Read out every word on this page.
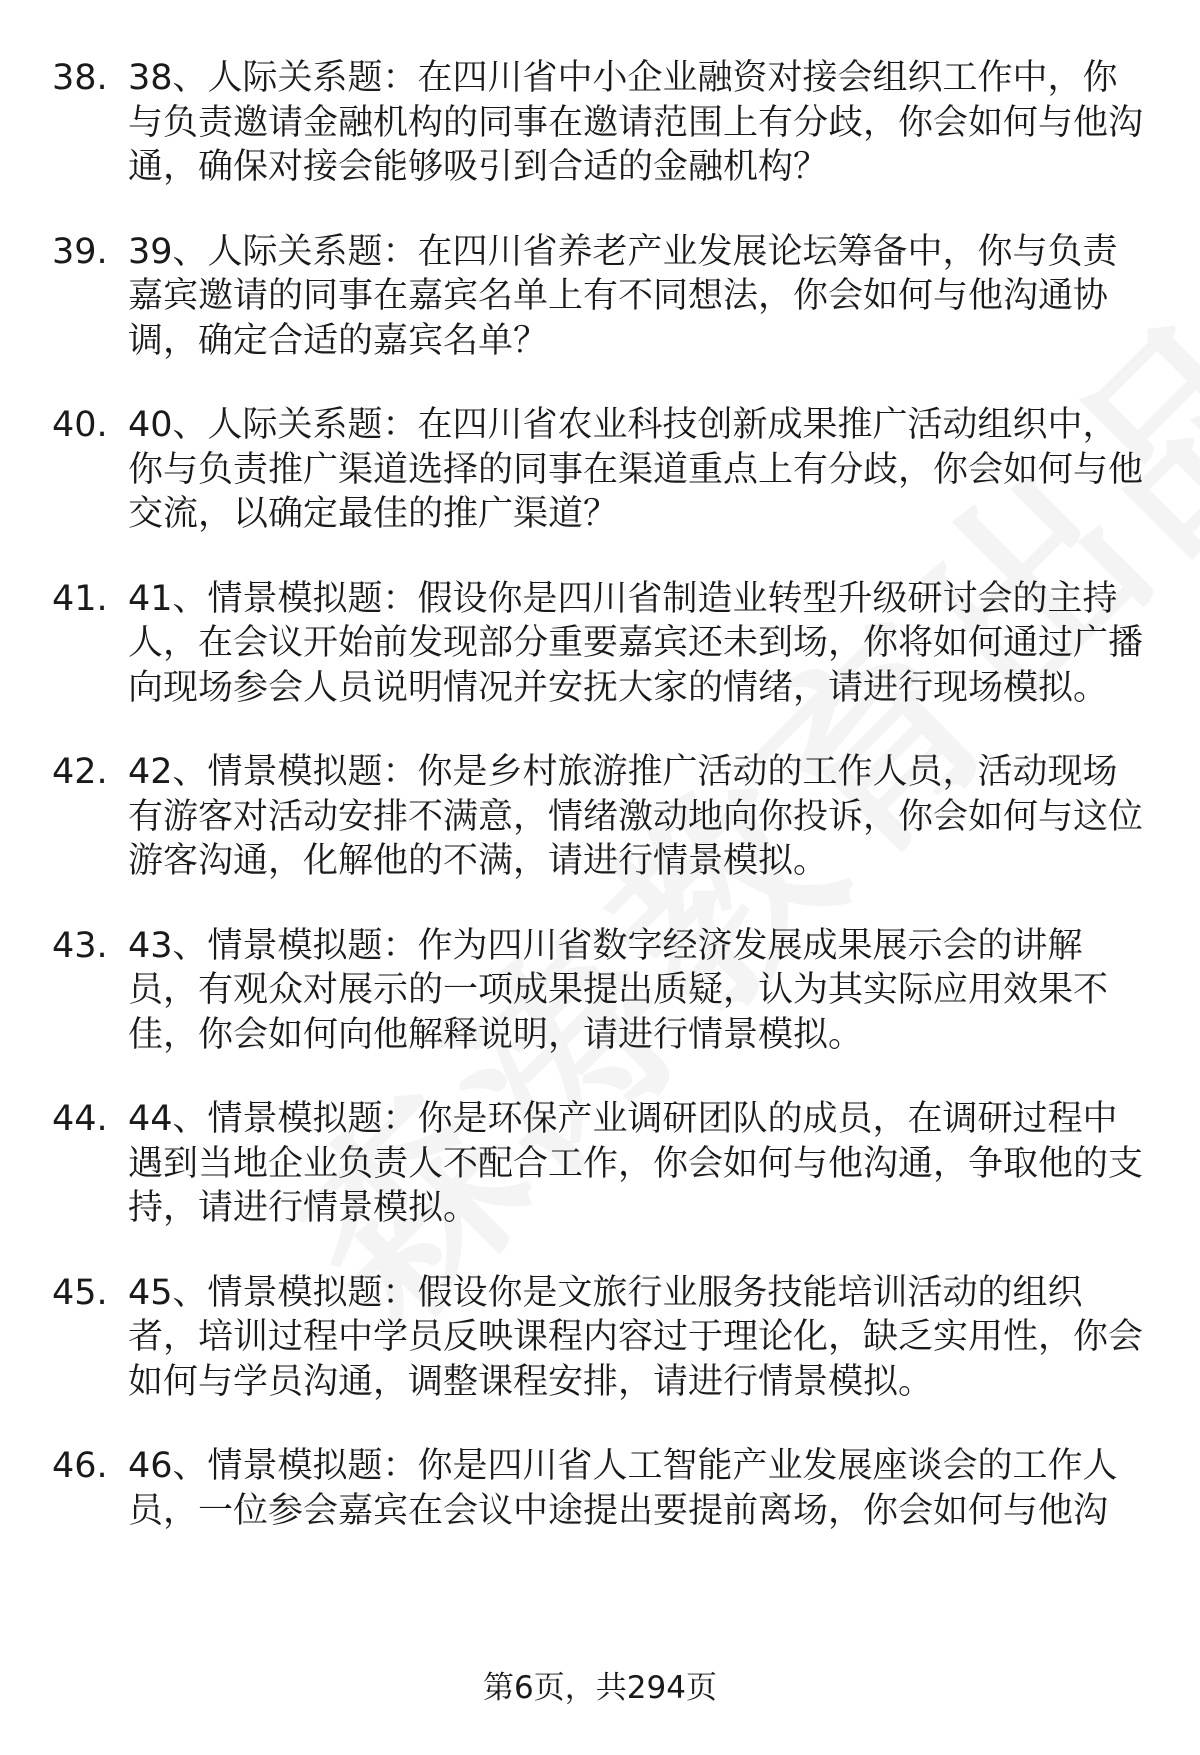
38. 38、人际关系题：在四川省中小企业融资对接会组织工作中，你与负责邀请金融机构的同事在邀请范围上有分歧，你会如何与他沟通，确保对接会能够吸引到合适的金融机构？
39. 39、人际关系题：在四川省养老产业发展论坛筹备中，你与负责嘉宾邀请的同事在嘉宾名单上有不同想法，你会如何与他沟通协调，确定合适的嘉宾名单？
40. 40、人际关系题：在四川省农业科技创新成果推广活动组织中，你与负责推广渠道选择的同事在渠道重点上有分歧，你会如何与他交流，以确定最佳的推广渠道？
41. 41、情景模拟题：假设你是四川省制造业转型升级研讨会的主持人，在会议开始前发现部分重要嘉宾还未到场，你将如何通过广播向现场参会人员说明情况并安抚大家的情绪，请进行现场模拟。
42. 42、情景模拟题：你是乡村旅游推广活动的工作人员，活动现场有游客对活动安排不满意，情绪激动地向你投诉，你会如何与这位游客沟通，化解他的不满，请进行情景模拟。
43. 43、情景模拟题：作为四川省数字经济发展成果展示会的讲解员，有观众对展示的一项成果提出质疑，认为其实际应用效果不佳，你会如何向他解释说明，请进行情景模拟。
44. 44、情景模拟题：你是环保产业调研团队的成员，在调研过程中遇到当地企业负责人不配合工作，你会如何与他沟通，争取他的支持，请进行情景模拟。
45. 45、情景模拟题：假设你是文旅行业服务技能培训活动的组织者，培训过程中学员反映课程内容过于理论化，缺乏实用性，你会如何与学员沟通，调整课程安排，请进行情景模拟。
46. 46、情景模拟题：你是四川省人工智能产业发展座谈会的工作人员，一位参会嘉宾在会议中途提出要提前离场，你会如何与他沟
第6页，共294页
